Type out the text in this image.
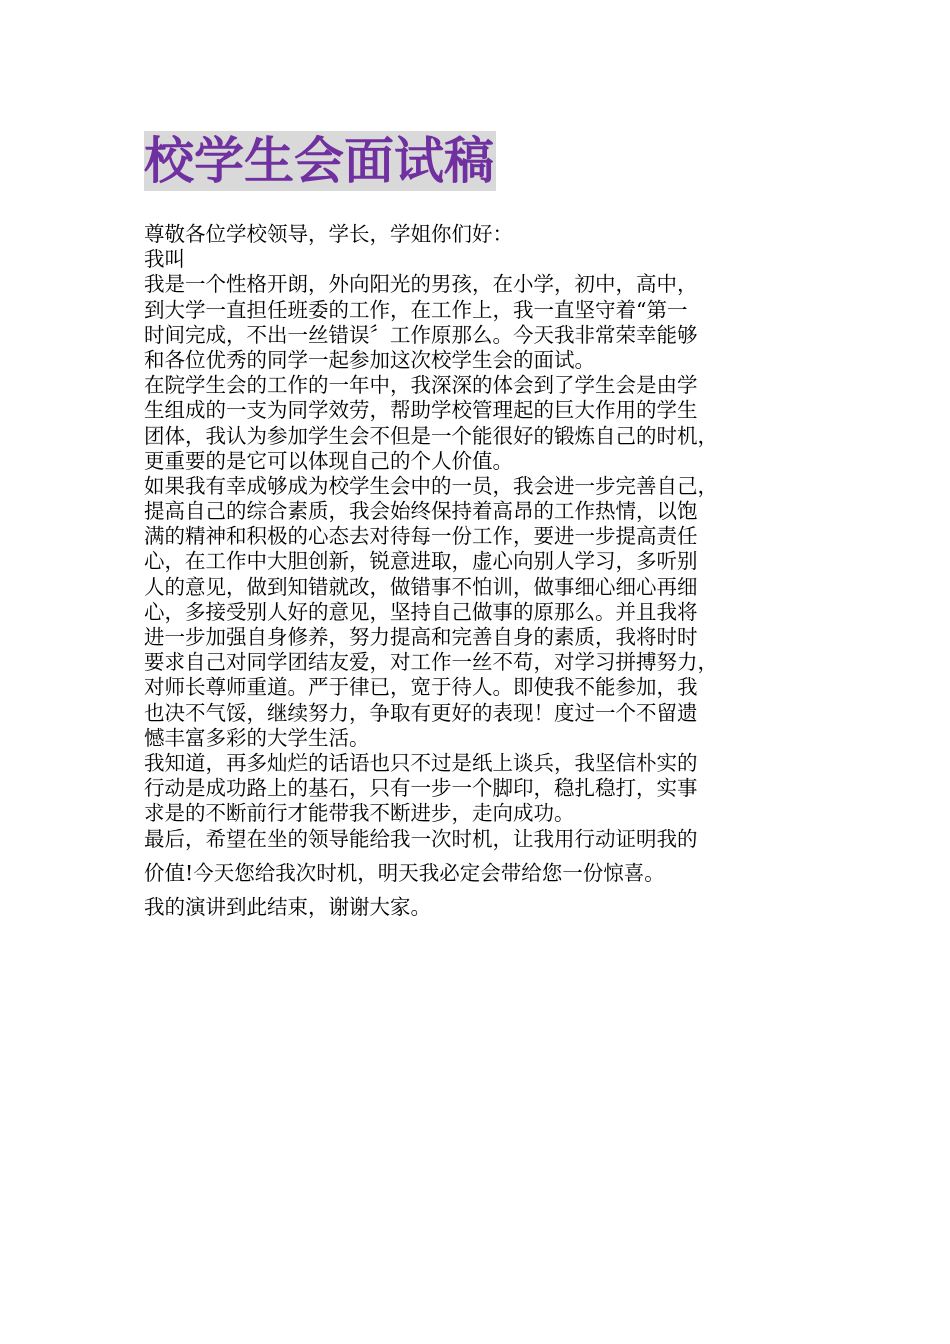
校学生会面试稿
尊敬各位学校领导，学长，学姐你们好：
我叫
我是一个性格开朗，外向阳光的男孩，在小学，初中，高中，
到大学一直担任班委的工作，在工作上，我一直坚守着“第一
时间完成，不出一丝错误〞工作原那么。今天我非常荣幸能够
和各位优秀的同学一起参加这次校学生会的面试。
在院学生会的工作的一年中，我深深的体会到了学生会是由学
生组成的一支为同学效劳，帮助学校管理起的巨大作用的学生
团体，我认为参加学生会不但是一个能很好的锻炼自己的时机，
更重要的是它可以体现自己的个人价值。
如果我有幸成够成为校学生会中的一员，我会进一步完善自己，
提高自己的综合素质，我会始终保持着高昂的工作热情，以饱
满的精神和积极的心态去对待每一份工作，要进一步提高责任
心，在工作中大胆创新，锐意进取，虚心向别人学习，多听别
人的意见，做到知错就改，做错事不怕训，做事细心细心再细
心，多接受别人好的意见，坚持自己做事的原那么。并且我将
进一步加强自身修养，努力提高和完善自身的素质，我将时时
要求自己对同学团结友爱，对工作一丝不苟，对学习拼搏努力，
对师长尊师重道。严于律已，宽于待人。即使我不能参加，我
也决不气馁，继续努力，争取有更好的表现！度过一个不留遗
憾丰富多彩的大学生活。
我知道，再多灿烂的话语也只不过是纸上谈兵，我坚信朴实的
行动是成功路上的基石，只有一步一个脚印，稳扎稳打，实事
求是的不断前行才能带我不断进步，走向成功。
最后，希望在坐的领导能给我一次时机，让我用行动证明我的
价值!今天您给我次时机，明天我必定会带给您一份惊喜。
我的演讲到此结束，谢谢大家。
